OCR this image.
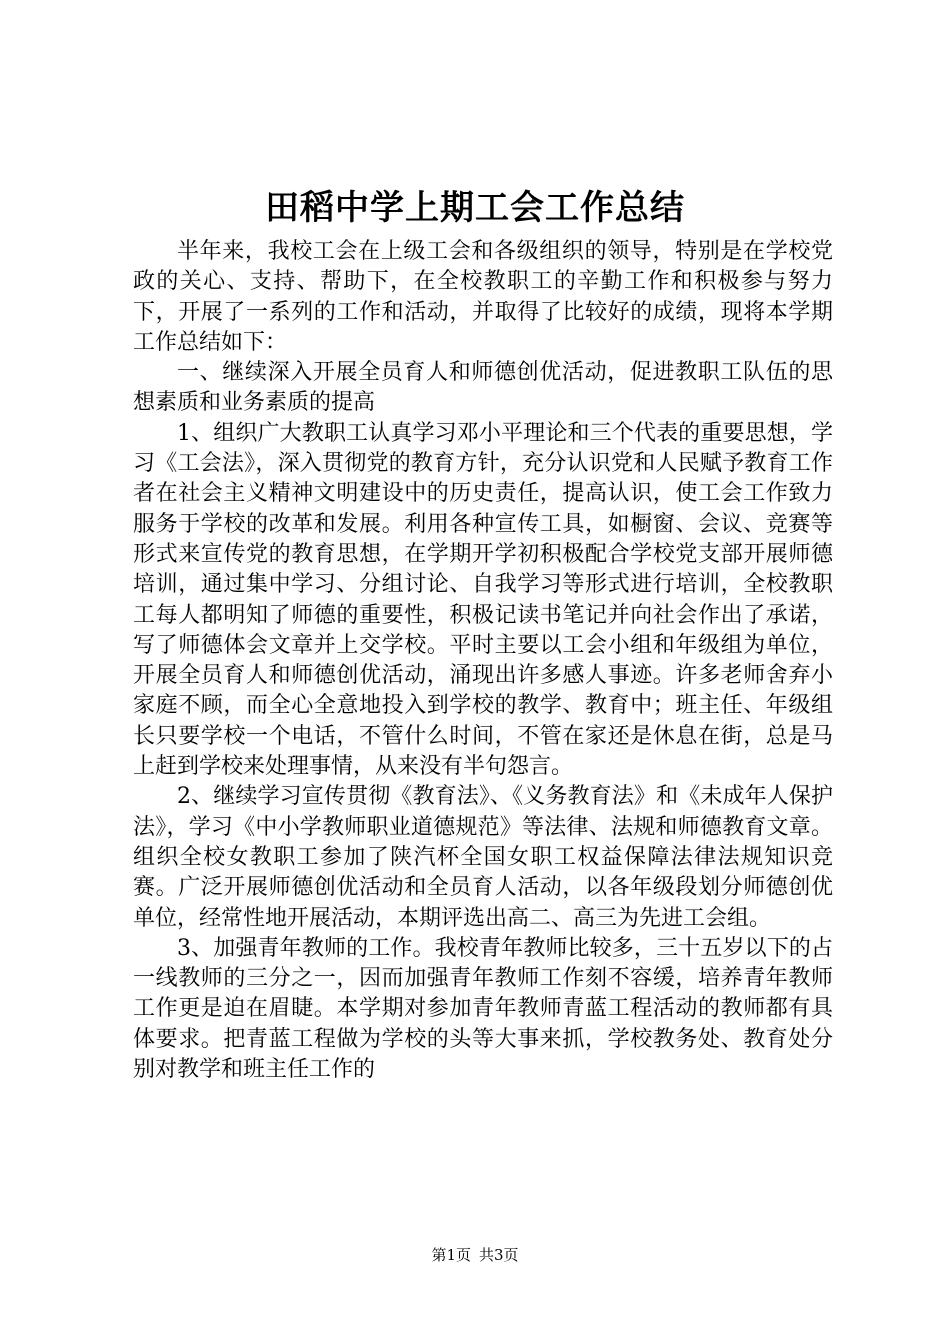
田稻中学上期工会工作总结

半年来，我校工会在上级工会和各级组织的领导，特别是在学校党政的关心、支持、帮助下，在全校教职工的辛勤工作和积极参与努力下，开展了一系列的工作和活动，并取得了比较好的成绩，现将本学期工作总结如下：

一、继续深入开展全员育人和师德创优活动，促进教职工队伍的思想素质和业务素质的提高

1、组织广大教职工认真学习邓小平理论和三个代表的重要思想，学习《工会法》，深入贯彻党的教育方针，充分认识党和人民赋予教育工作者在社会主义精神文明建设中的历史责任，提高认识，使工会工作致力服务于学校的改革和发展。利用各种宣传工具，如橱窗、会议、竞赛等形式来宣传党的教育思想，在学期开学初积极配合学校党支部开展师德培训，通过集中学习、分组讨论、自我学习等形式进行培训，全校教职工每人都明知了师德的重要性，积极记读书笔记并向社会作出了承诺，写了师德体会文章并上交学校。平时主要以工会小组和年级组为单位，开展全员育人和师德创优活动，涌现出许多感人事迹。许多老师舍弃小家庭不顾，而全心全意地投入到学校的教学、教育中；班主任、年级组长只要学校一个电话，不管什么时间，不管在家还是休息在街，总是马上赶到学校来处理事情，从来没有半句怨言。

2、继续学习宣传贯彻《教育法》、《义务教育法》和《未成年人保护法》，学习《中小学教师职业道德规范》等法律、法规和师德教育文章。组织全校女教职工参加了陕汽杯全国女职工权益保障法律法规知识竞赛。广泛开展师德创优活动和全员育人活动，以各年级段划分师德创优单位，经常性地开展活动，本期评选出高二、高三为先进工会组。

3、加强青年教师的工作。我校青年教师比较多，三十五岁以下的占一线教师的三分之一，因而加强青年教师工作刻不容缓，培养青年教师工作更是迫在眉睫。本学期对参加青年教师青蓝工程活动的教师都有具体要求。把青蓝工程做为学校的头等大事来抓，学校教务处、教育处分别对教学和班主任工作的

第1页 共3页
